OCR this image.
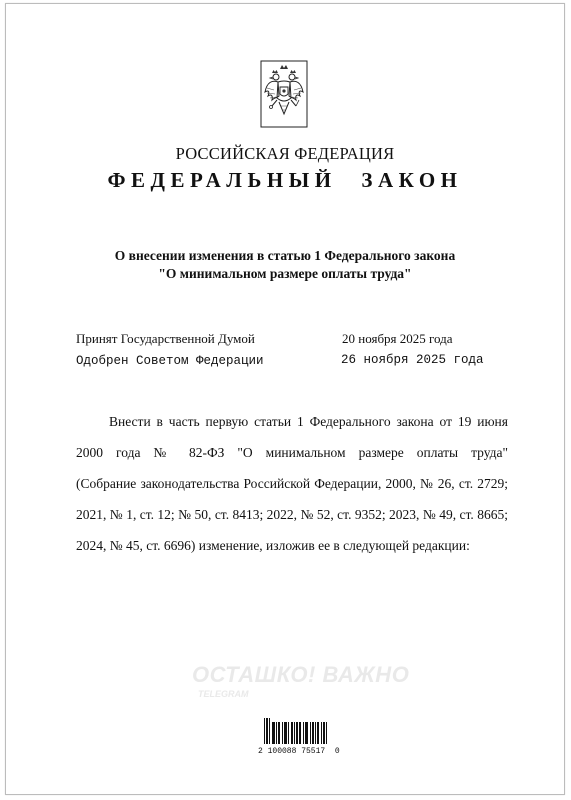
РОССИЙСКАЯ ФЕДЕРАЦИЯ
ФЕДЕРАЛЬНЫЙ ЗАКОН
О внесении изменения в статью 1 Федерального закона
"О минимальном размере оплаты труда"
Принят Государственной Думой	20 ноября 2025 года
Одобрен Советом Федерации	26 ноября 2025 года
Внести в часть первую статьи 1 Федерального закона от 19 июня
2000 года № 82-ФЗ "О минимальном размере оплаты труда"
(Собрание законодательства Российской Федерации, 2000, № 26, ст. 2729;
2021, № 1, ст. 12; № 50, ст. 8413; 2022, № 52, ст. 9352; 2023, № 49, ст. 8665;
2024, № 45, ст. 6696) изменение, изложив ее в следующей редакции:
ОСТАШКО! ВАЖНО
TELEGRAM
2 100088 75517  0
